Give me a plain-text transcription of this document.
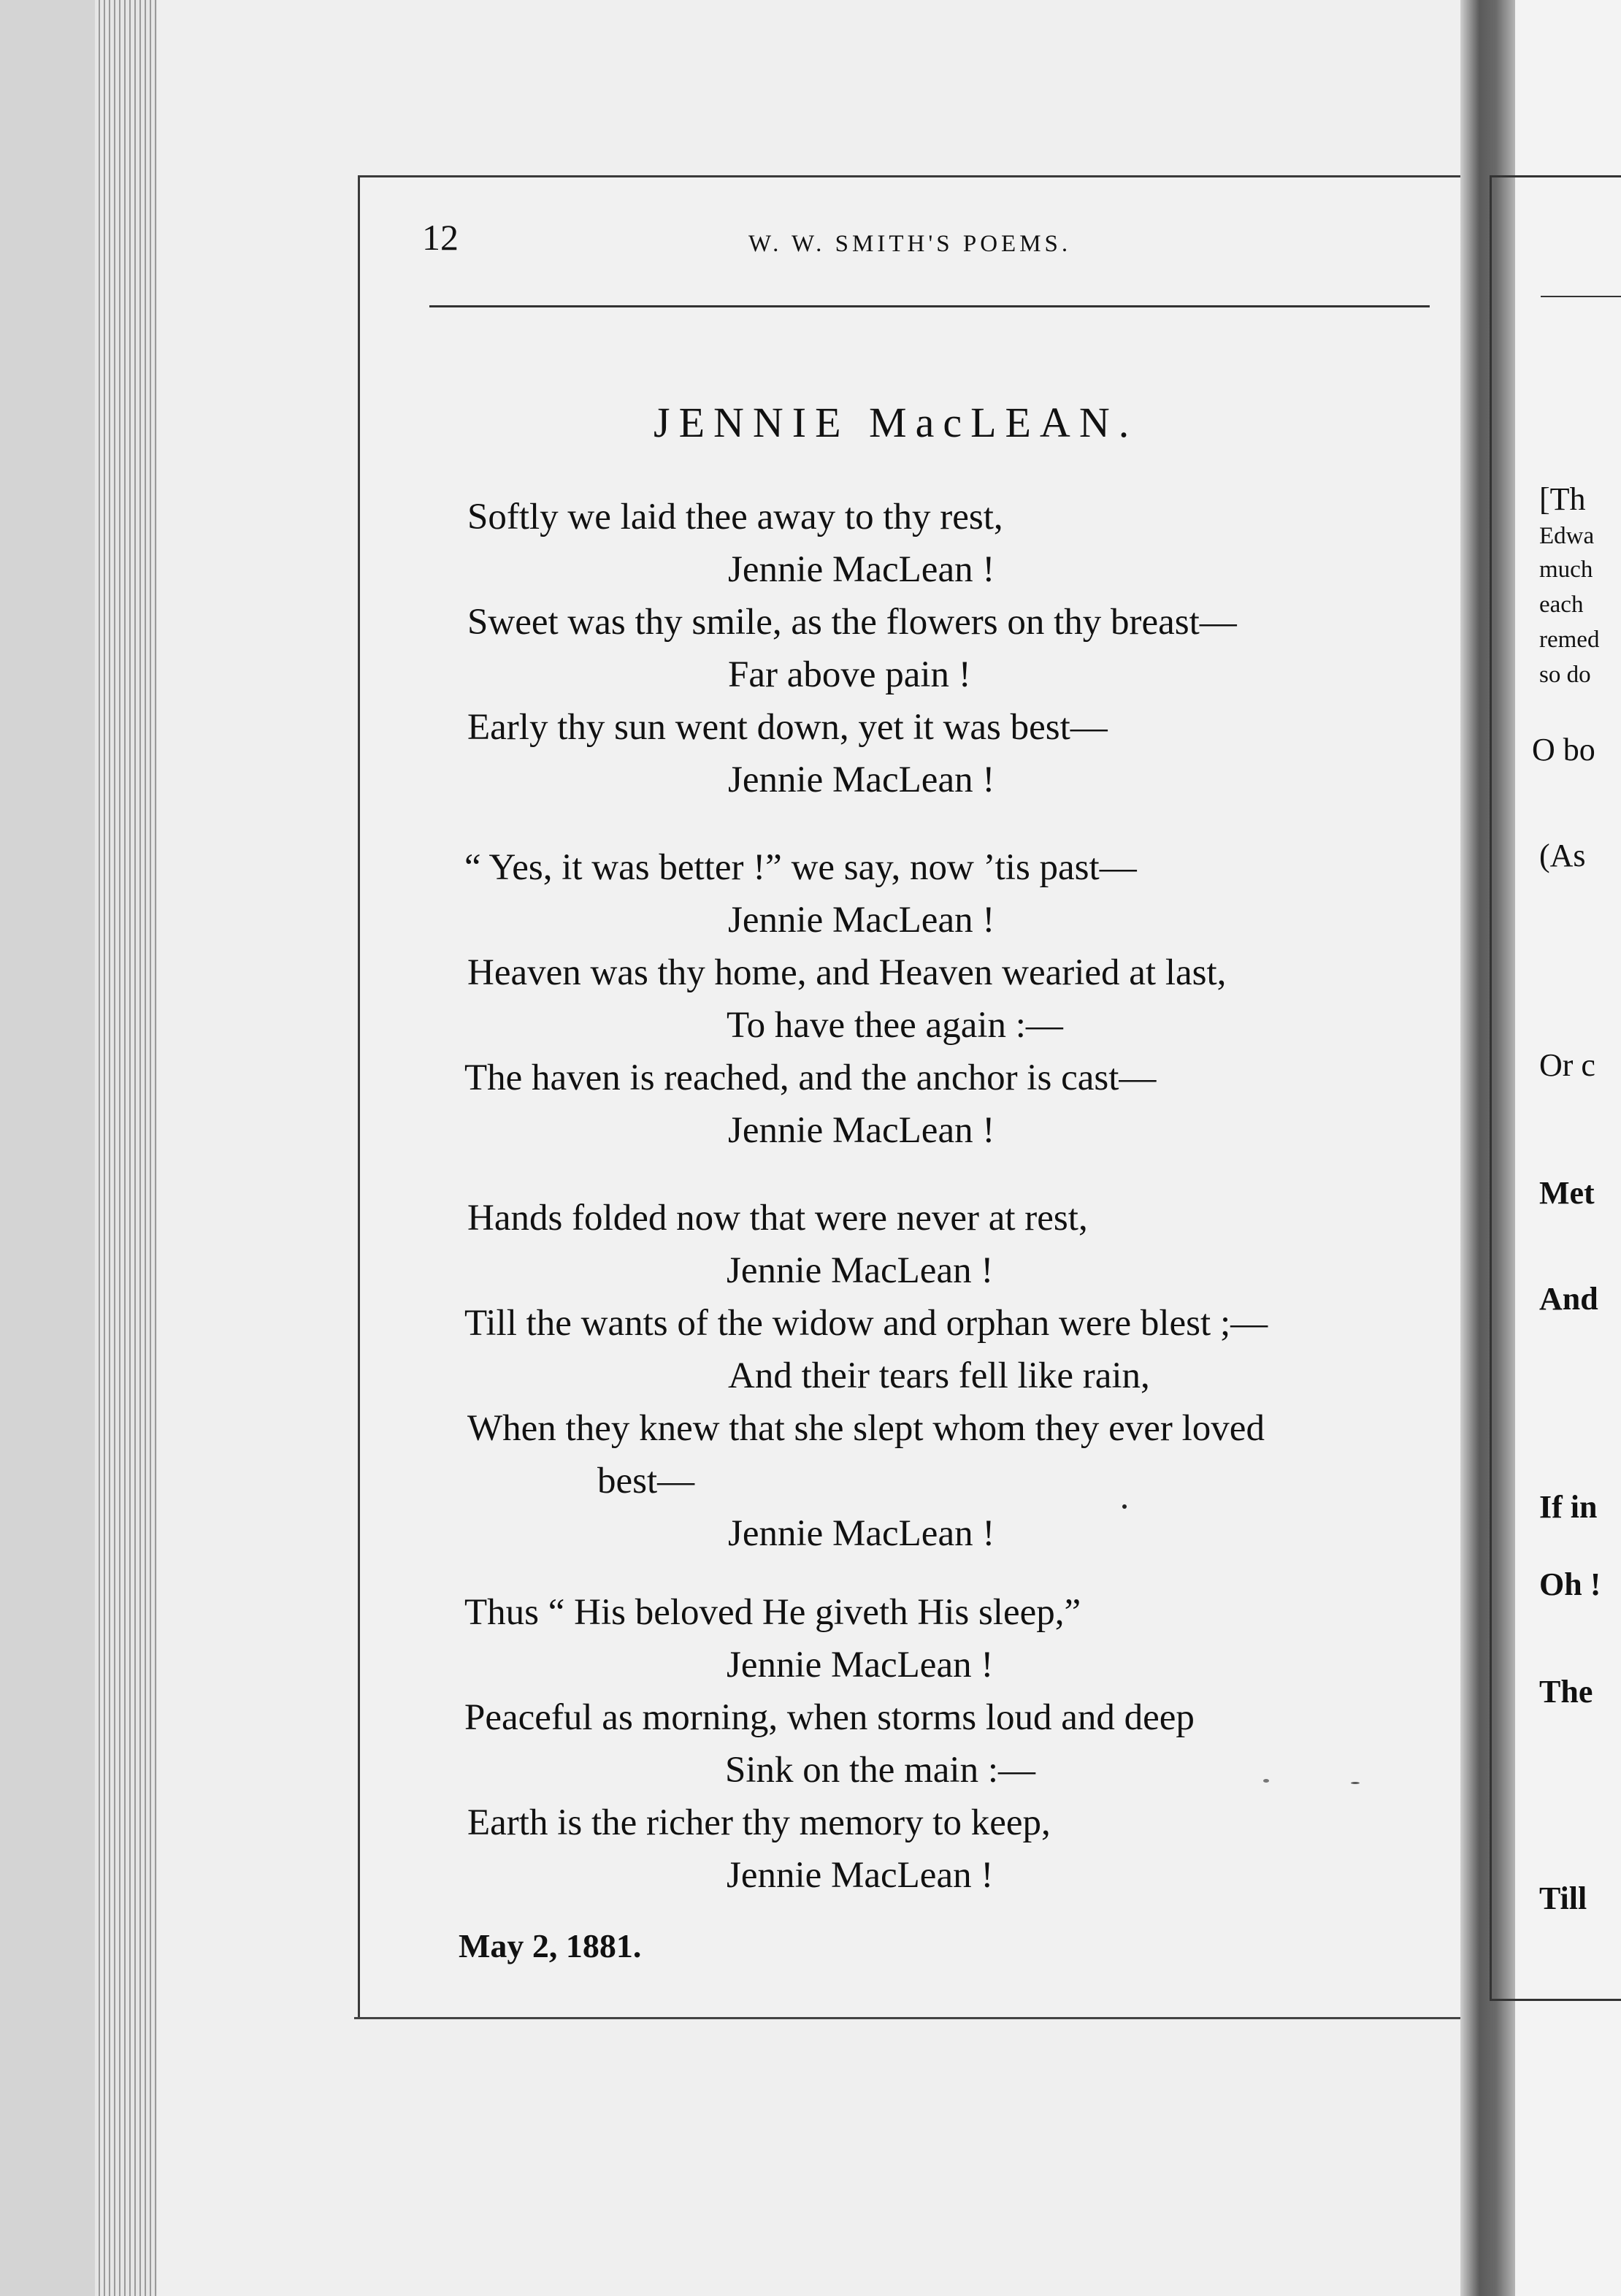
12	W. W. SMITH'S POEMS.
JENNIE MacLEAN.
Softly we laid thee away to thy rest,
Jennie MacLean !
Sweet was thy smile, as the flowers on thy breast—
Far above pain !
Early thy sun went down, yet it was best—
Jennie MacLean !
“ Yes, it was better !” we say, now ’tis past—
Jennie MacLean !
Heaven was thy home, and Heaven wearied at last,
To have thee again :—
The haven is reached, and the anchor is cast—
Jennie MacLean !
Hands folded now that were never at rest,
Jennie MacLean !
Till the wants of the widow and orphan were blest ;—
And their tears fell like rain,
When they knew that she slept whom they ever loved
best—
Jennie MacLean !
Thus “ His beloved He giveth His sleep,”
Jennie MacLean !
Peaceful as morning, when storms loud and deep
Sink on the main :—
Earth is the richer thy memory to keep,
Jennie MacLean !
May 2, 1881.
[Th
Edwa
much
each
remed
so do
O bo
(As
Or c
Met
And
If in
Oh !
The
Till
